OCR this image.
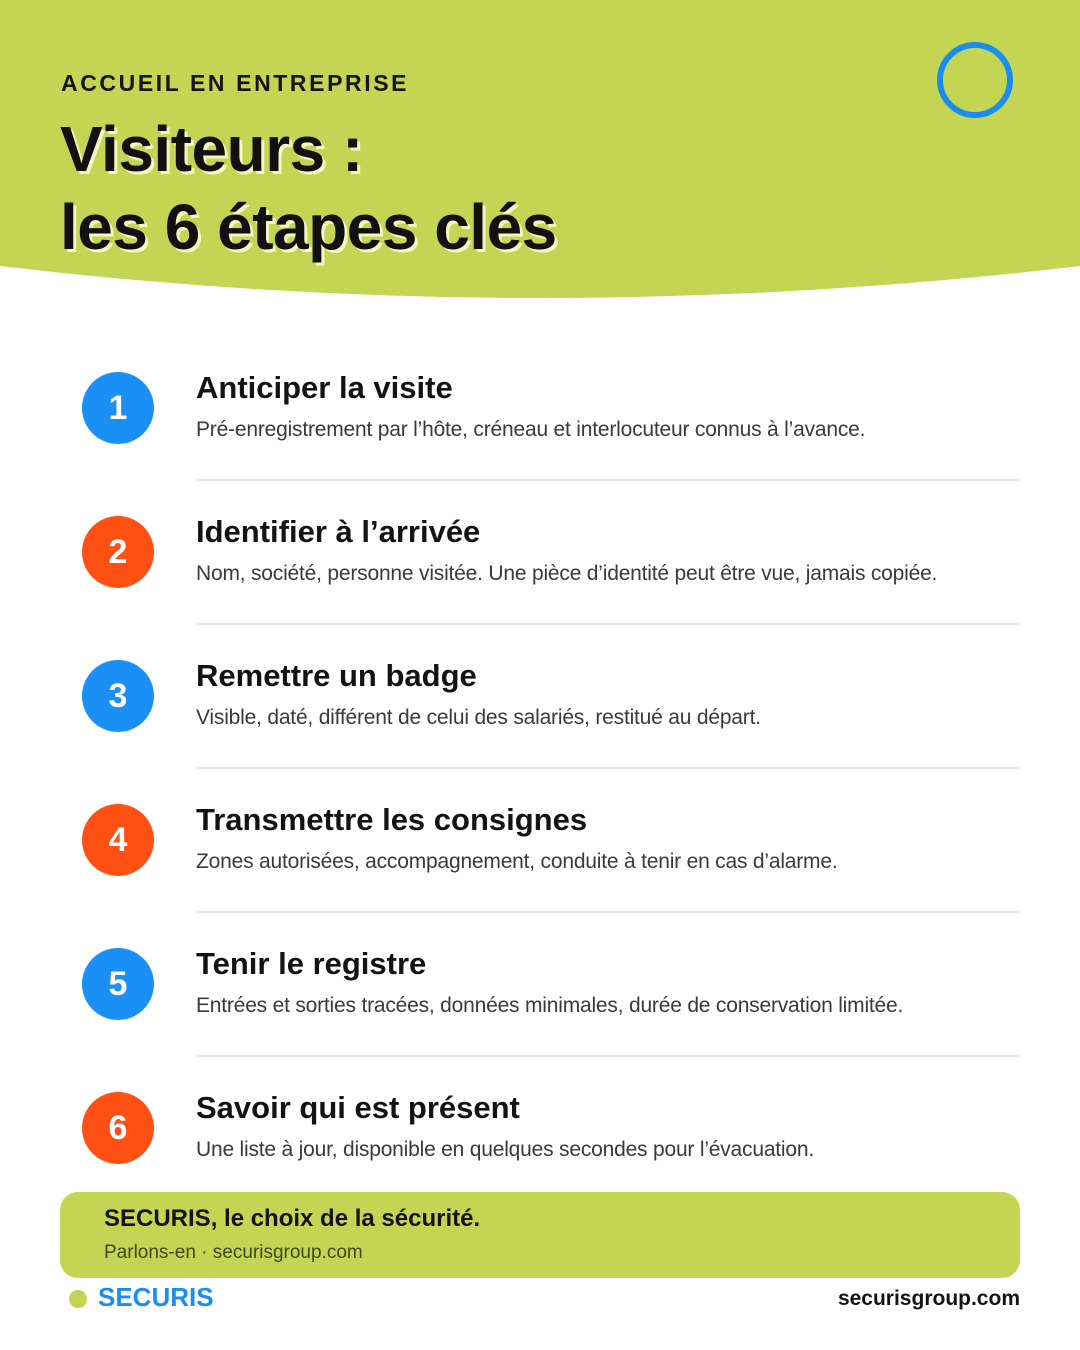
ACCUEIL EN ENTREPRISE
Visiteurs :
les 6 étapes clés
1
Anticiper la visite
Pré-enregistrement par l’hôte, créneau et interlocuteur connus à l’avance.
2
Identifier à l’arrivée
Nom, société, personne visitée. Une pièce d’identité peut être vue, jamais copiée.
3
Remettre un badge
Visible, daté, différent de celui des salariés, restitué au départ.
4
Transmettre les consignes
Zones autorisées, accompagnement, conduite à tenir en cas d’alarme.
5
Tenir le registre
Entrées et sorties tracées, données minimales, durée de conservation limitée.
6
Savoir qui est présent
Une liste à jour, disponible en quelques secondes pour l’évacuation.
SECURIS, le choix de la sécurité.
Parlons-en · securisgroup.com
SECURIS	securisgroup.com
